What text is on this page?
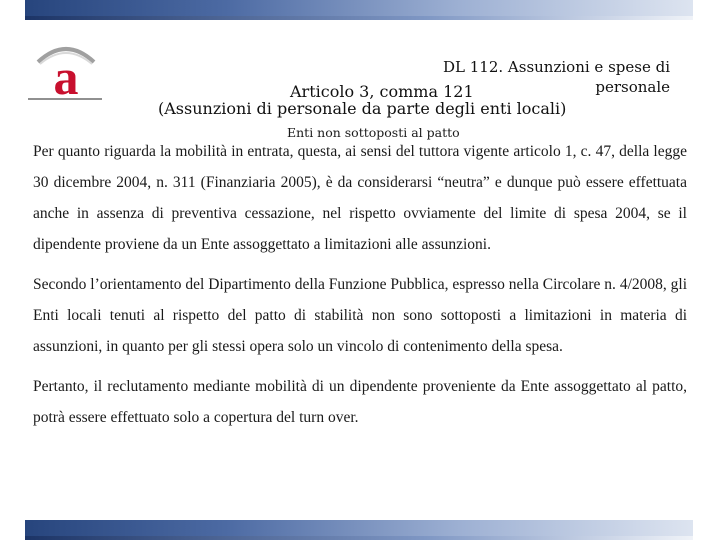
a	DL 112. Assunzioni e spese di
personale
Articolo 3, comma 121
(Assunzioni di personale da parte degli enti locali)
Enti non sottoposti al patto

Per quanto riguarda la mobilità in entrata, questa, ai sensi del tuttora vigente articolo 1, c. 47, della legge 30 dicembre 2004, n. 311 (Finanziaria 2005), è da considerarsi “neutra” e dunque può essere effettuata anche in assenza di preventiva cessazione, nel rispetto ovviamente del limite di spesa 2004, se il dipendente proviene da un Ente assoggettato a limitazioni alle assunzioni.

Secondo l’orientamento del Dipartimento della Funzione Pubblica, espresso nella Circolare n. 4/2008, gli Enti locali tenuti al rispetto del patto di stabilità non sono sottoposti a limitazioni in materia di assunzioni, in quanto per gli stessi opera solo un vincolo di contenimento della spesa.

Pertanto, il reclutamento mediante mobilità di un dipendente proveniente da Ente assoggettato al patto, potrà essere effettuato solo a copertura del turn over.
